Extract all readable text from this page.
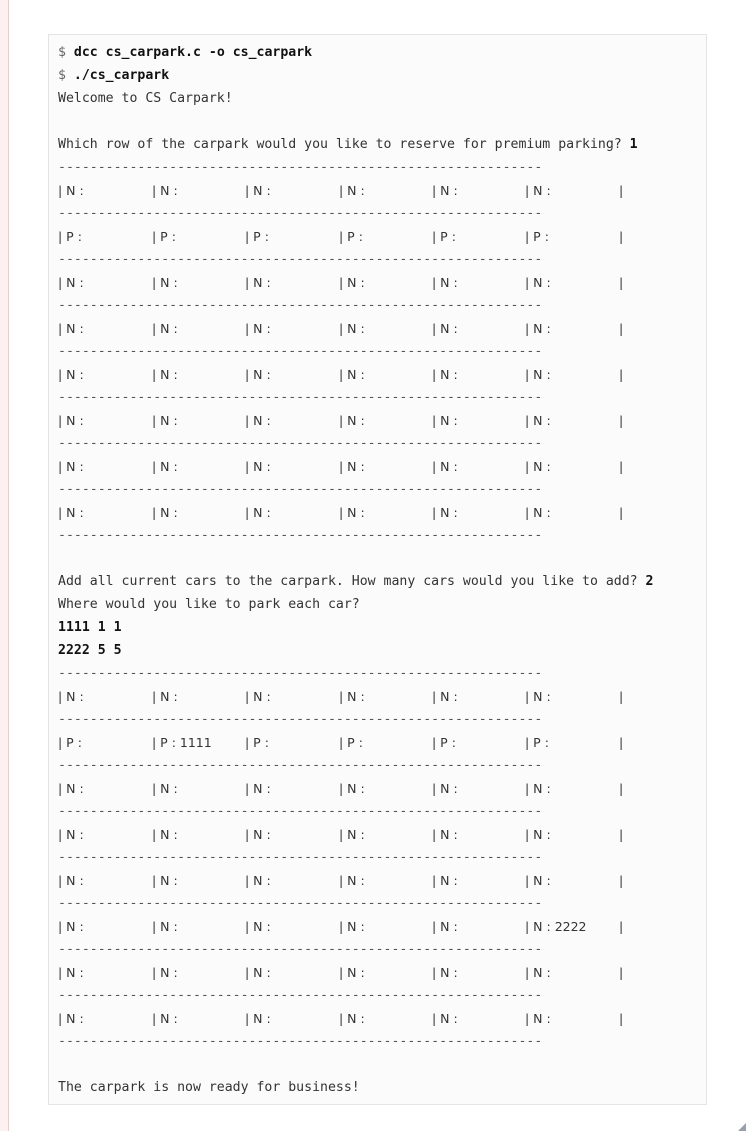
$ dcc cs_carpark.c -o cs_carpark
$ ./cs_carpark
Welcome to CS Carpark!
Which row of the carpark would you like to reserve for premium parking? 1
-------------------------------------------------------------
| N :	| N :	| N :	| N :	| N :	| N :	|
-------------------------------------------------------------
| P :	| P :	| P :	| P :	| P :	| P :	|
-------------------------------------------------------------
| N :	| N :	| N :	| N :	| N :	| N :	|
-------------------------------------------------------------
| N :	| N :	| N :	| N :	| N :	| N :	|
-------------------------------------------------------------
| N :	| N :	| N :	| N :	| N :	| N :	|
-------------------------------------------------------------
| N :	| N :	| N :	| N :	| N :	| N :	|
-------------------------------------------------------------
| N :	| N :	| N :	| N :	| N :	| N :	|
-------------------------------------------------------------
| N :	| N :	| N :	| N :	| N :	| N :	|
-------------------------------------------------------------
Add all current cars to the carpark. How many cars would you like to add? 2
Where would you like to park each car?
1111 1 1
2222 5 5
-------------------------------------------------------------
| N :	| N :	| N :	| N :	| N :	| N :	|
-------------------------------------------------------------
| P :	| P : 1111	| P :	| P :	| P :	| P :	|
-------------------------------------------------------------
| N :	| N :	| N :	| N :	| N :	| N :	|
-------------------------------------------------------------
| N :	| N :	| N :	| N :	| N :	| N :	|
-------------------------------------------------------------
| N :	| N :	| N :	| N :	| N :	| N :	|
-------------------------------------------------------------
| N :	| N :	| N :	| N :	| N :	| N : 2222	|
-------------------------------------------------------------
| N :	| N :	| N :	| N :	| N :	| N :	|
-------------------------------------------------------------
| N :	| N :	| N :	| N :	| N :	| N :	|
-------------------------------------------------------------
The carpark is now ready for business!
